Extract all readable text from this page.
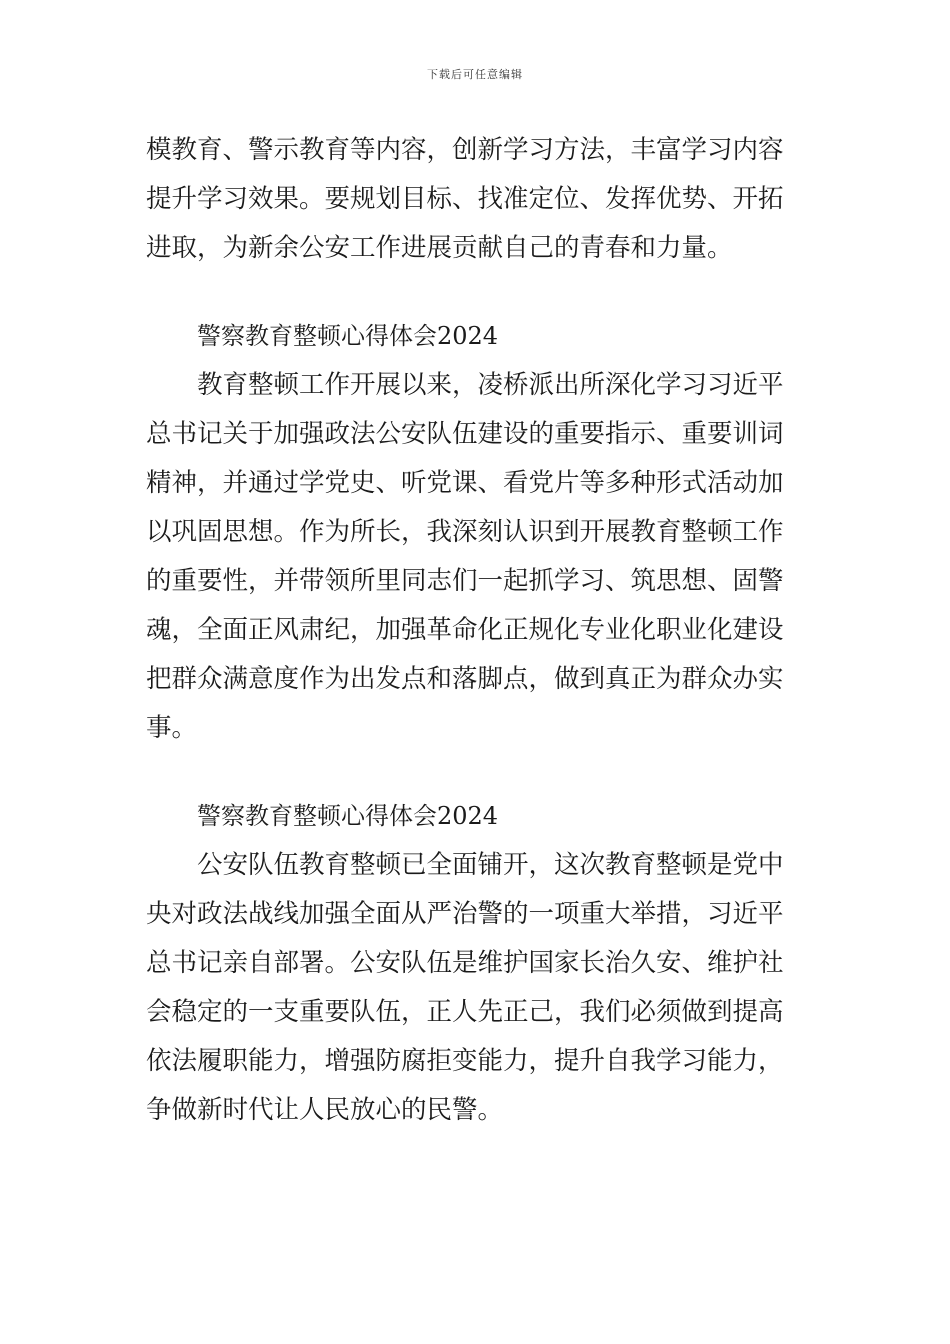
下载后可任意编辑
模教育、警示教育等内容，创新学习方法，丰富学习内容
提升学习效果。要规划目标、找准定位、发挥优势、开拓
进取，为新余公安工作进展贡献自己的青春和力量。
警察教育整顿心得体会2024
教育整顿工作开展以来，凌桥派出所深化学习习近平
总书记关于加强政法公安队伍建设的重要指示、重要训词
精神，并通过学党史、听党课、看党片等多种形式活动加
以巩固思想。作为所长，我深刻认识到开展教育整顿工作
的重要性，并带领所里同志们一起抓学习、筑思想、固警
魂，全面正风肃纪，加强革命化正规化专业化职业化建设
把群众满意度作为出发点和落脚点，做到真正为群众办实
事。
警察教育整顿心得体会2024
公安队伍教育整顿已全面铺开，这次教育整顿是党中
央对政法战线加强全面从严治警的一项重大举措，习近平
总书记亲自部署。公安队伍是维护国家长治久安、维护社
会稳定的一支重要队伍，正人先正己，我们必须做到提高
依法履职能力，增强防腐拒变能力，提升自我学习能力，
争做新时代让人民放心的民警。
